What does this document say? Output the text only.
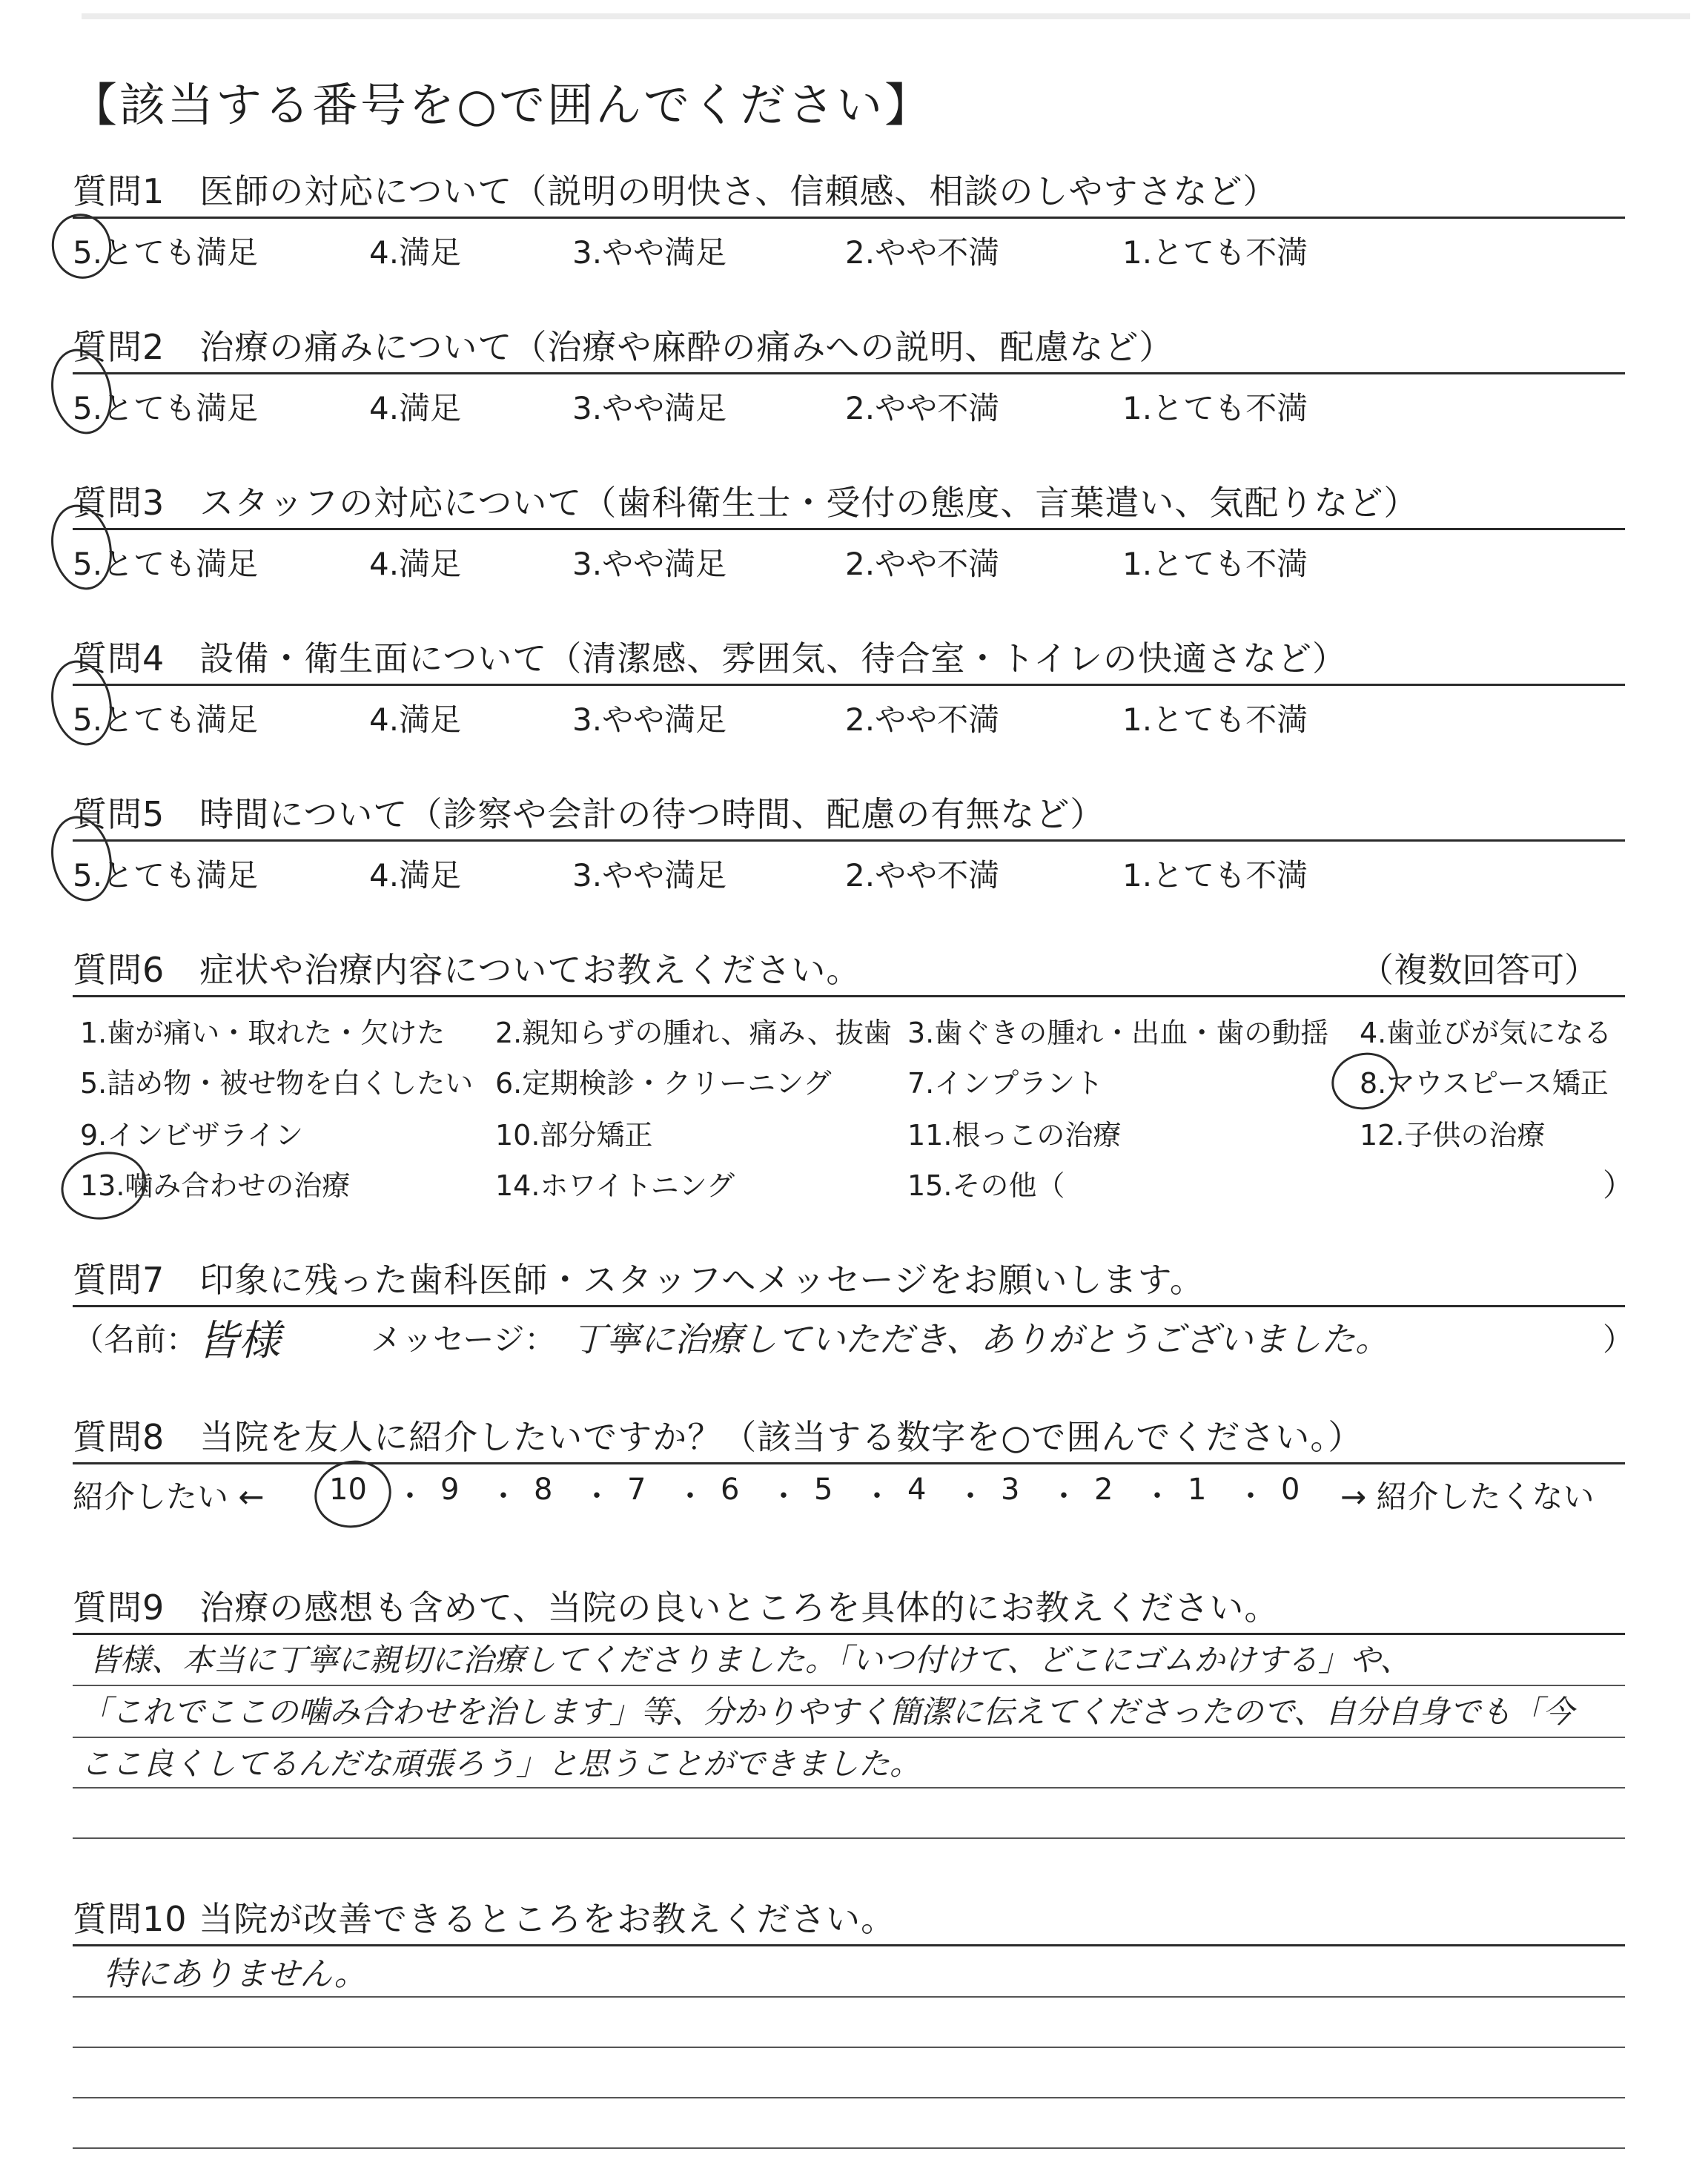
【該当する番号を○で囲んでください】
質問1　医師の対応について（説明の明快さ、信頼感、相談のしやすさなど）
5.とても満足	4.満足	3.やや満足	2.やや不満	1.とても不満
質問2　治療の痛みについて（治療や麻酔の痛みへの説明、配慮など）
5.とても満足	4.満足	3.やや満足	2.やや不満	1.とても不満
質問3　スタッフの対応について（歯科衛生士・受付の態度、言葉遣い、気配りなど）
5.とても満足	4.満足	3.やや満足	2.やや不満	1.とても不満
質問4　設備・衛生面について（清潔感、雰囲気、待合室・トイレの快適さなど）
5.とても満足	4.満足	3.やや満足	2.やや不満	1.とても不満
質問5　時間について（診察や会計の待つ時間、配慮の有無など）
5.とても満足	4.満足	3.やや満足	2.やや不満	1.とても不満
質問6　症状や治療内容についてお教えください。	（複数回答可）
1.歯が痛い・取れた・欠けた 2.親知らずの腫れ、痛み、抜歯 3.歯ぐきの腫れ・出血・歯の動揺 4.歯並びが気になる
5.詰め物・被せ物を白くしたい 6.定期検診・クリーニング	7.インプラント	8.マウスピース矯正
9.インビザライン	10.部分矯正	11.根っこの治療	12.子供の治療
13.噛み合わせの治療	14.ホワイトニング	15.その他（	）
質問7　印象に残った歯科医師・スタッフへメッセージをお願いします。
（名前： 皆様	メッセージ： 丁寧に治療していただき、ありがとうございました。	）
質問8　当院を友人に紹介したいですか？（該当する数字を○で囲んでください。）
紹介したい ← 10 ・ 9 ・ 8 ・ 7 ・ 6 ・ 5 ・ 4 ・ 3 ・ 2 ・ 1 ・ 0 → 紹介したくない
質問9　治療の感想も含めて、当院の良いところを具体的にお教えください。
皆様、本当に丁寧に親切に治療してくださりました。「いつ付けて、どこにゴムかけする」や、
「これでここの噛み合わせを治します」等、分かりやすく簡潔に伝えてくださったので、自分自身でも「今
ここ良くしてるんだな頑張ろう」と思うことができました。
質問10 当院が改善できるところをお教えください。
特にありません。
